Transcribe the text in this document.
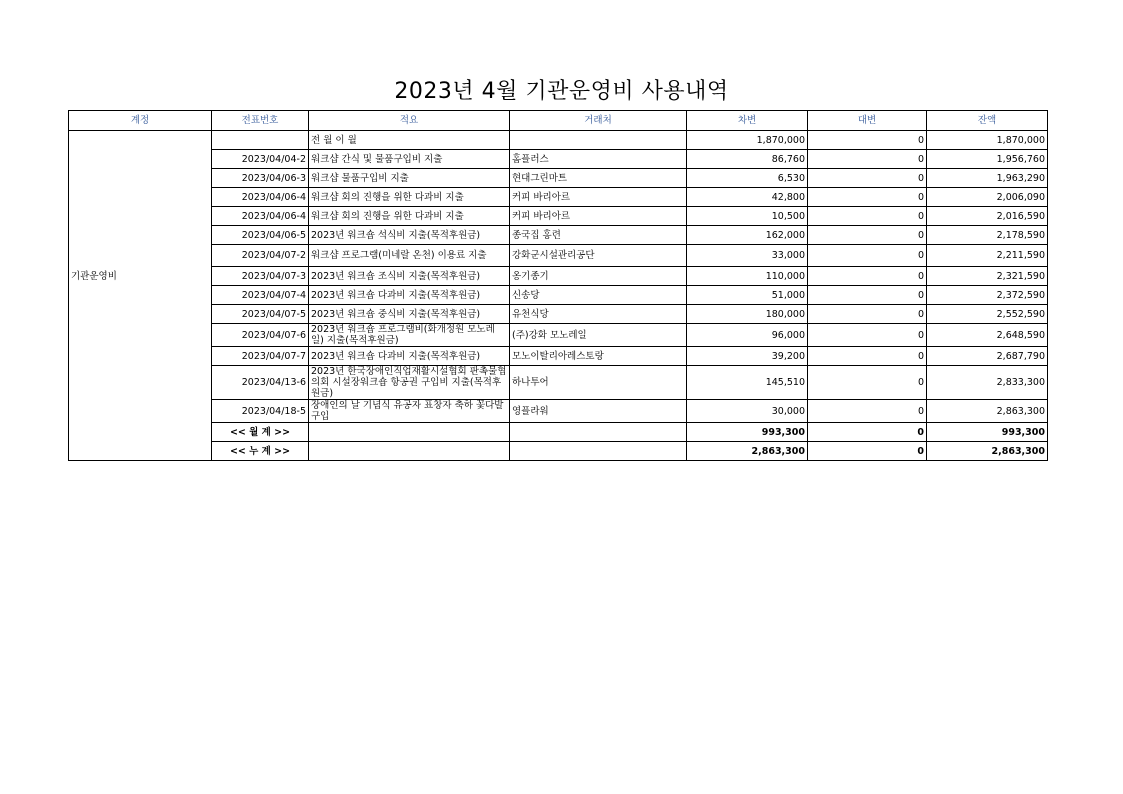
2023년 4월 기관운영비 사용내역
계정	전표번호	적요	거래처	차변	대변	잔액
		전 월 이 월		1,870,000	0	1,870,000
	2023/04/04-2	워크샵 간식 및 물품구입비 지출	홈플러스	86,760	0	1,956,760
	2023/04/06-3	워크샵 물품구입비 지출	현대그린마트	6,530	0	1,963,290
	2023/04/06-4	워크샵 회의 진행을 위한 다과비 지출	커피 바리아르	42,800	0	2,006,090
	2023/04/06-4	워크샵 회의 진행을 위한 다과비 지출	커피 바리아르	10,500	0	2,016,590
	2023/04/06-5	2023년 워크숍 석식비 지출(목적후원금)	종국집 홍련	162,000	0	2,178,590
	2023/04/07-2	워크샵 프로그램(미네랄 온천) 이용료 지출	강화군시설관리공단	33,000	0	2,211,590
기관운영비	2023/04/07-3	2023년 워크숍 조식비 지출(목적후원금)	옹기종기	110,000	0	2,321,590
	2023/04/07-4	2023년 워크숍 다과비 지출(목적후원금)	신송당	51,000	0	2,372,590
	2023/04/07-5	2023년 워크숍 중식비 지출(목적후원금)	유천식당	180,000	0	2,552,590
	2023/04/07-6	2023년 워크숍 프로그램비(화개정원 모노레일) 지출(목적후원금)	(주)강화 모노레일	96,000	0	2,648,590
	2023/04/07-7	2023년 워크숍 다과비 지출(목적후원금)	모노이탈리아레스토랑	39,200	0	2,687,790
	2023/04/13-6	2023년 한국장애인직업재활시설협회 판촉물협의회 시설장워크숍 항공권 구입비 지출(목적후원금)	하나투어	145,510	0	2,833,300
	2023/04/18-5	장애인의 날 기념식 유공자 표창자 축하 꽃다발 구입	영플라워	30,000	0	2,863,300
	<< 월 계 >>			993,300	0	993,300
	<< 누 계 >>			2,863,300	0	2,863,300
